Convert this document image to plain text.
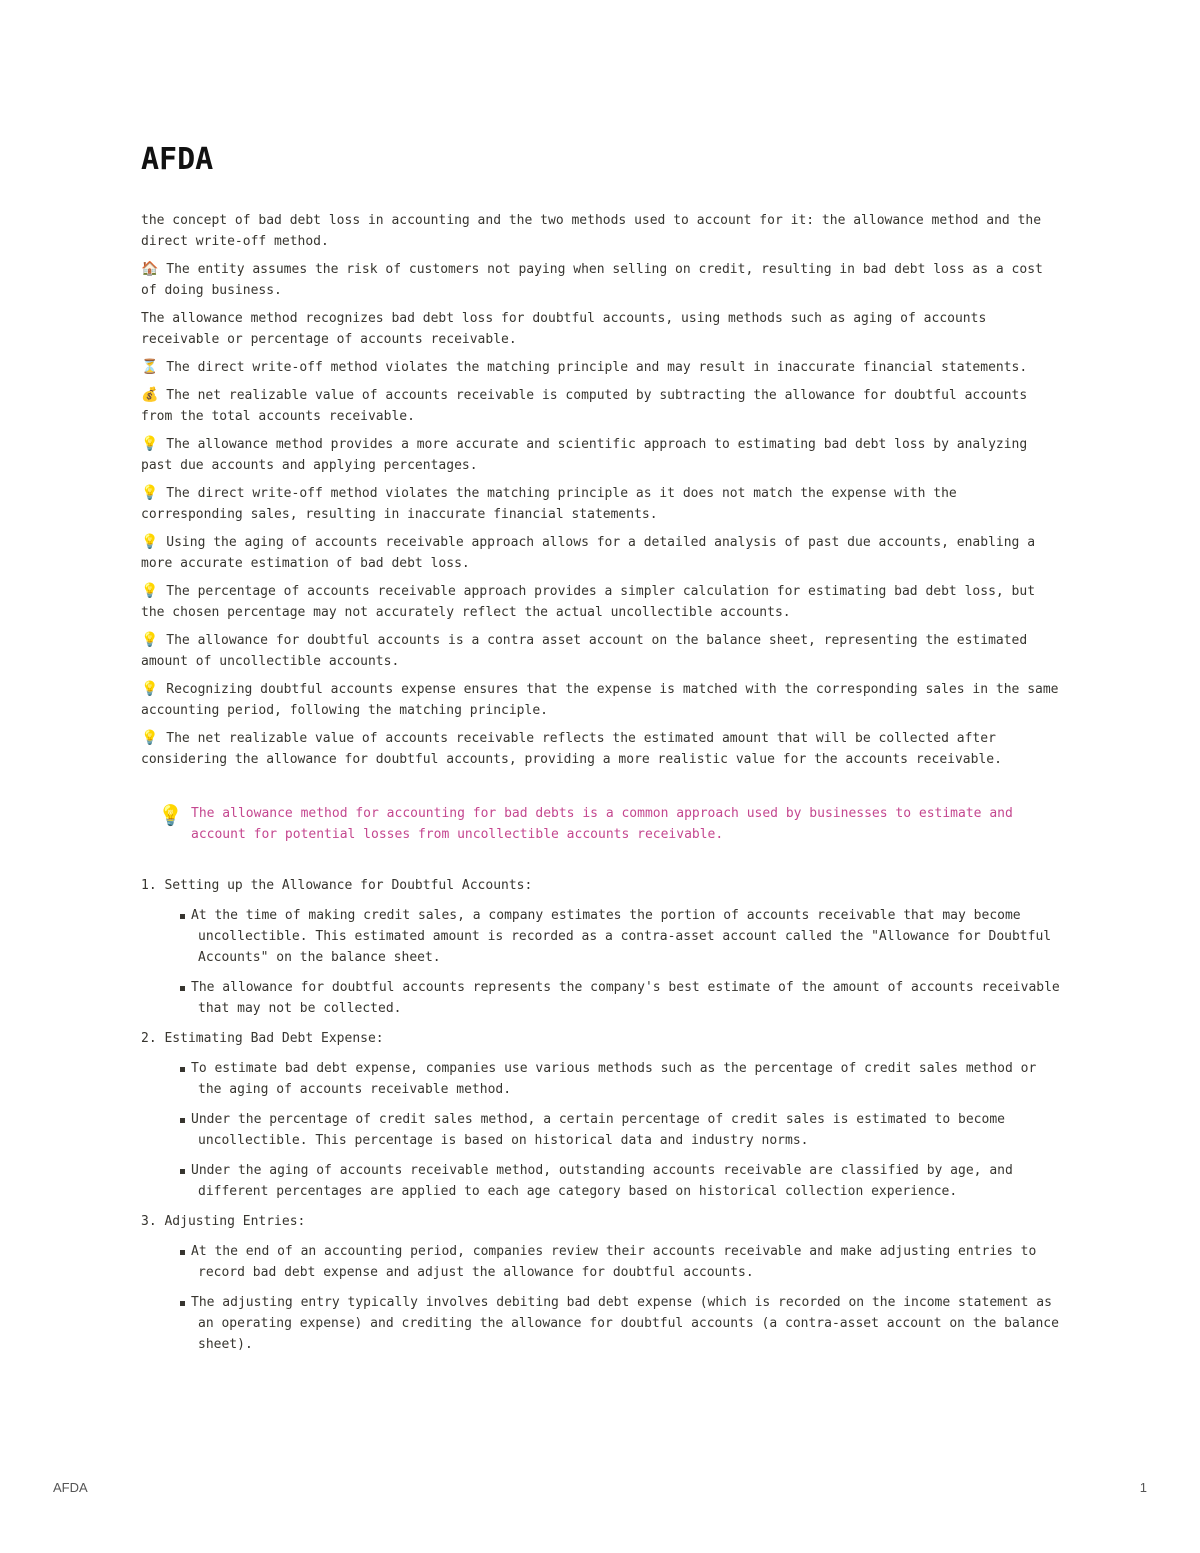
AFDA

the concept of bad debt loss in accounting and the two methods used to account for it: the allowance method and the direct write-off method.

🏠 The entity assumes the risk of customers not paying when selling on credit, resulting in bad debt loss as a cost of doing business.

The allowance method recognizes bad debt loss for doubtful accounts, using methods such as aging of accounts receivable or percentage of accounts receivable.

⏳ The direct write-off method violates the matching principle and may result in inaccurate financial statements.

💰 The net realizable value of accounts receivable is computed by subtracting the allowance for doubtful accounts from the total accounts receivable.

💡 The allowance method provides a more accurate and scientific approach to estimating bad debt loss by analyzing past due accounts and applying percentages.

💡 The direct write-off method violates the matching principle as it does not match the expense with the corresponding sales, resulting in inaccurate financial statements.

💡 Using the aging of accounts receivable approach allows for a detailed analysis of past due accounts, enabling a more accurate estimation of bad debt loss.

💡 The percentage of accounts receivable approach provides a simpler calculation for estimating bad debt loss, but the chosen percentage may not accurately reflect the actual uncollectible accounts.

💡 The allowance for doubtful accounts is a contra asset account on the balance sheet, representing the estimated amount of uncollectible accounts.

💡 Recognizing doubtful accounts expense ensures that the expense is matched with the corresponding sales in the same accounting period, following the matching principle.

💡 The net realizable value of accounts receivable reflects the estimated amount that will be collected after considering the allowance for doubtful accounts, providing a more realistic value for the accounts receivable.

💡 The allowance method for accounting for bad debts is a common approach used by businesses to estimate and account for potential losses from uncollectible accounts receivable.
1. Setting up the Allowance for Doubtful Accounts:
At the time of making credit sales, a company estimates the portion of accounts receivable that may become uncollectible. This estimated amount is recorded as a contra-asset account called the "Allowance for Doubtful Accounts" on the balance sheet.
The allowance for doubtful accounts represents the company's best estimate of the amount of accounts receivable that may not be collected.
2. Estimating Bad Debt Expense:
To estimate bad debt expense, companies use various methods such as the percentage of credit sales method or the aging of accounts receivable method.
Under the percentage of credit sales method, a certain percentage of credit sales is estimated to become uncollectible. This percentage is based on historical data and industry norms.
Under the aging of accounts receivable method, outstanding accounts receivable are classified by age, and different percentages are applied to each age category based on historical collection experience.
3. Adjusting Entries:
At the end of an accounting period, companies review their accounts receivable and make adjusting entries to record bad debt expense and adjust the allowance for doubtful accounts.
The adjusting entry typically involves debiting bad debt expense (which is recorded on the income statement as an operating expense) and crediting the allowance for doubtful accounts (a contra-asset account on the balance sheet).
AFDA	1
